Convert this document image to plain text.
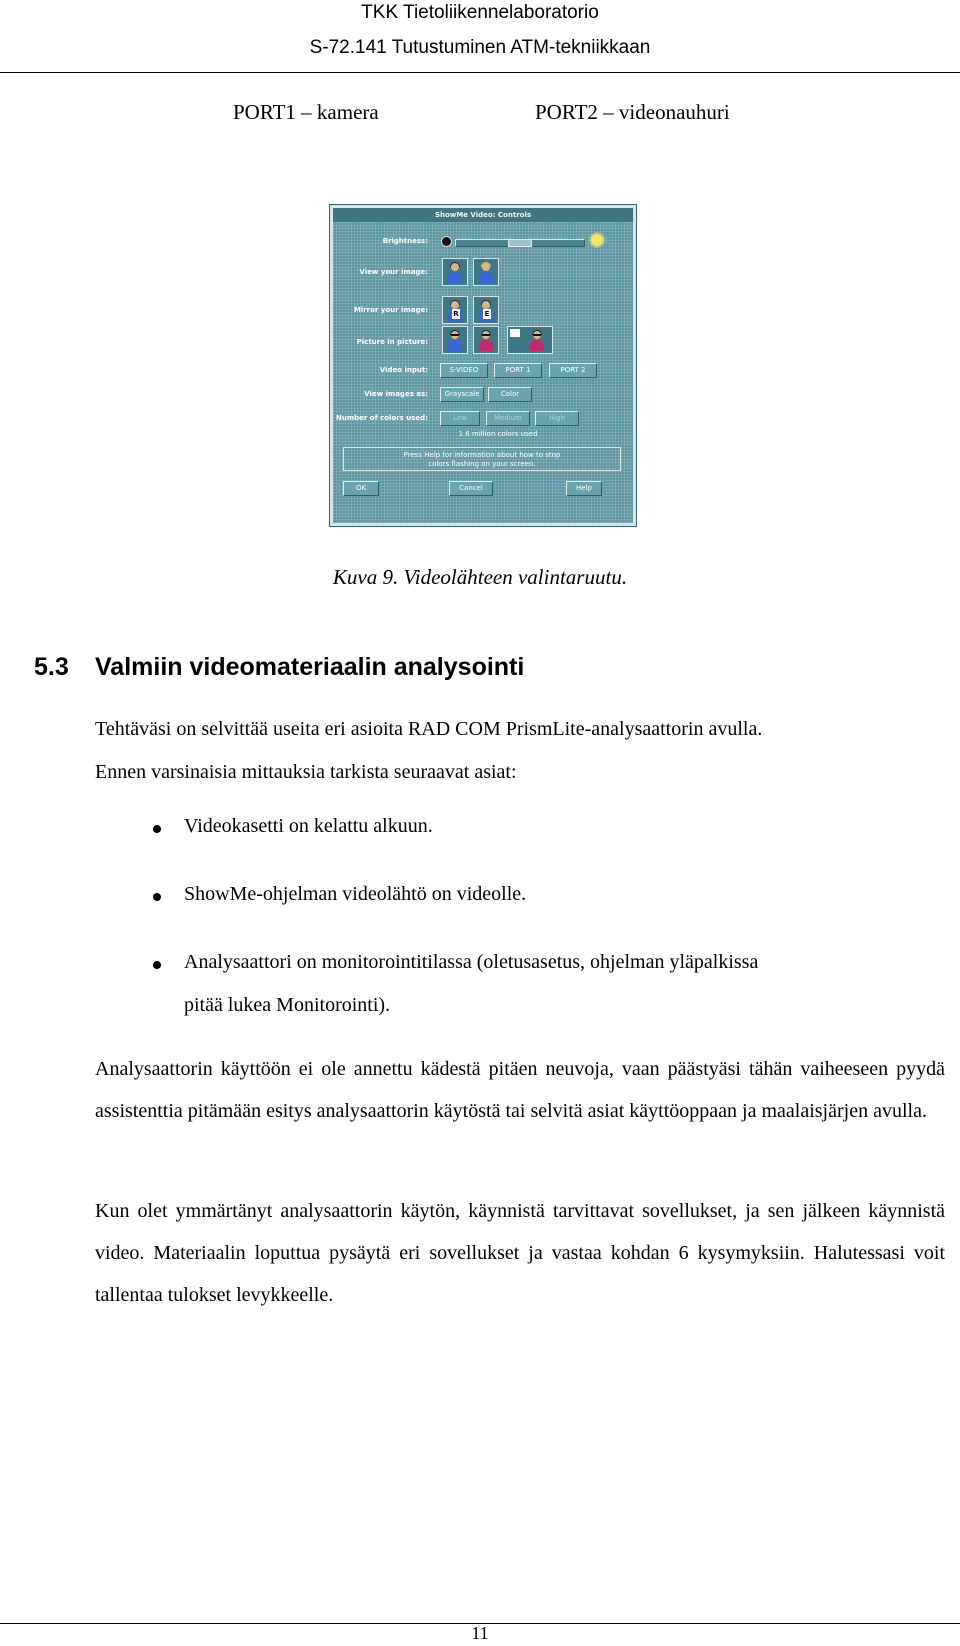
TKK Tietoliikennelaboratorio
S-72.141 Tutustuminen ATM-tekniikkaan
PORT1 – kamera	PORT2 – videonauhuri
ShowMe Video: Controls
Brightness:
View your image:
Mirror your image:	R	E
Picture in picture:
Video input:	S-VIDEO	PORT 1	PORT 2
View images as:	Grayscale	Color
Number of colors used:	Low	Medium	High
1.6 million colors used
Press Help for information about how to stop
colors flashing on your screen.
OK	Cancel	Help
Kuva 9. Videolähteen valintaruutu.
5.3 Valmiin videomateriaalin analysointi
Tehtäväsi on selvittää useita eri asioita RAD COM PrismLite-analysaattorin avulla.
Ennen varsinaisia mittauksia tarkista seuraavat asiat:
Videokasetti on kelattu alkuun.
ShowMe-ohjelman videolähtö on videolle.
Analysaattori on monitorointitilassa (oletusasetus, ohjelman yläpalkissa
pitää lukea Monitorointi).
Analysaattorin käyttöön ei ole annettu kädestä pitäen neuvoja, vaan päästyäsi tähän vaiheeseen pyydä assistenttia pitämään esitys analysaattorin käytöstä tai selvitä asiat käyttöoppaan ja maalaisjärjen avulla.
Kun olet ymmärtänyt analysaattorin käytön, käynnistä tarvittavat sovellukset, ja sen jälkeen käynnistä video. Materiaalin loputtua pysäytä eri sovellukset ja vastaa kohdan 6 kysymyksiin. Halutessasi voit tallentaa tulokset levykkeelle.
11
